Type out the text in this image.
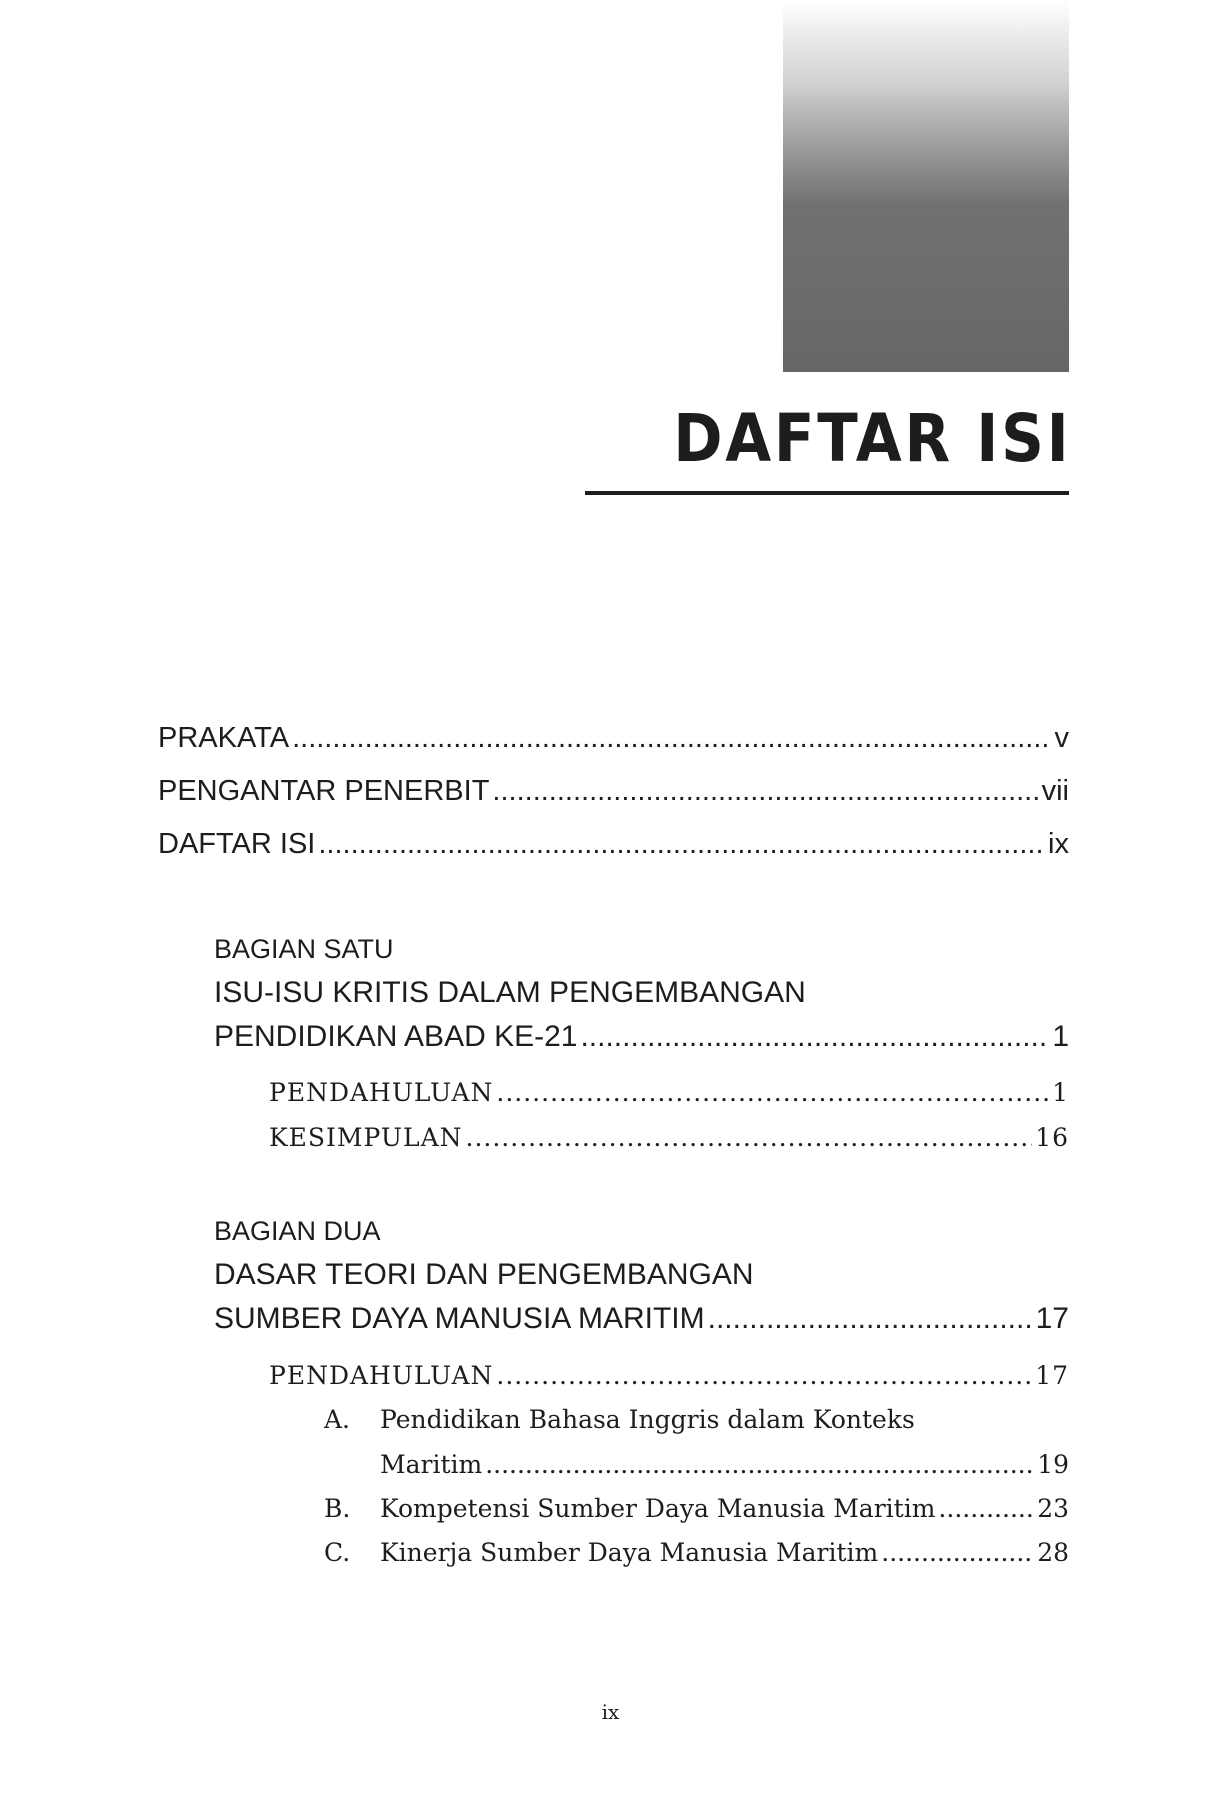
DAFTAR ISI
PRAKATA .....	v
PENGANTAR PENERBIT .....	vii
DAFTAR ISI .....	ix

BAGIAN SATU

ISU-ISU KRITIS DALAM PENGEMBANGAN

PENDIDIKAN ABAD KE-21 .....	1
PENDAHULUAN .....	1
KESIMPULAN .....	16

BAGIAN DUA

DASAR TEORI DAN PENGEMBANGAN

SUMBER DAYA MANUSIA MARITIM .....	17
PENDAHULUAN .....	17
A. Pendidikan Bahasa Inggris dalam Konteks
Maritim .....	19
B. Kompetensi Sumber Daya Manusia Maritim .....	23
C. Kinerja Sumber Daya Manusia Maritim .....	28
ix
